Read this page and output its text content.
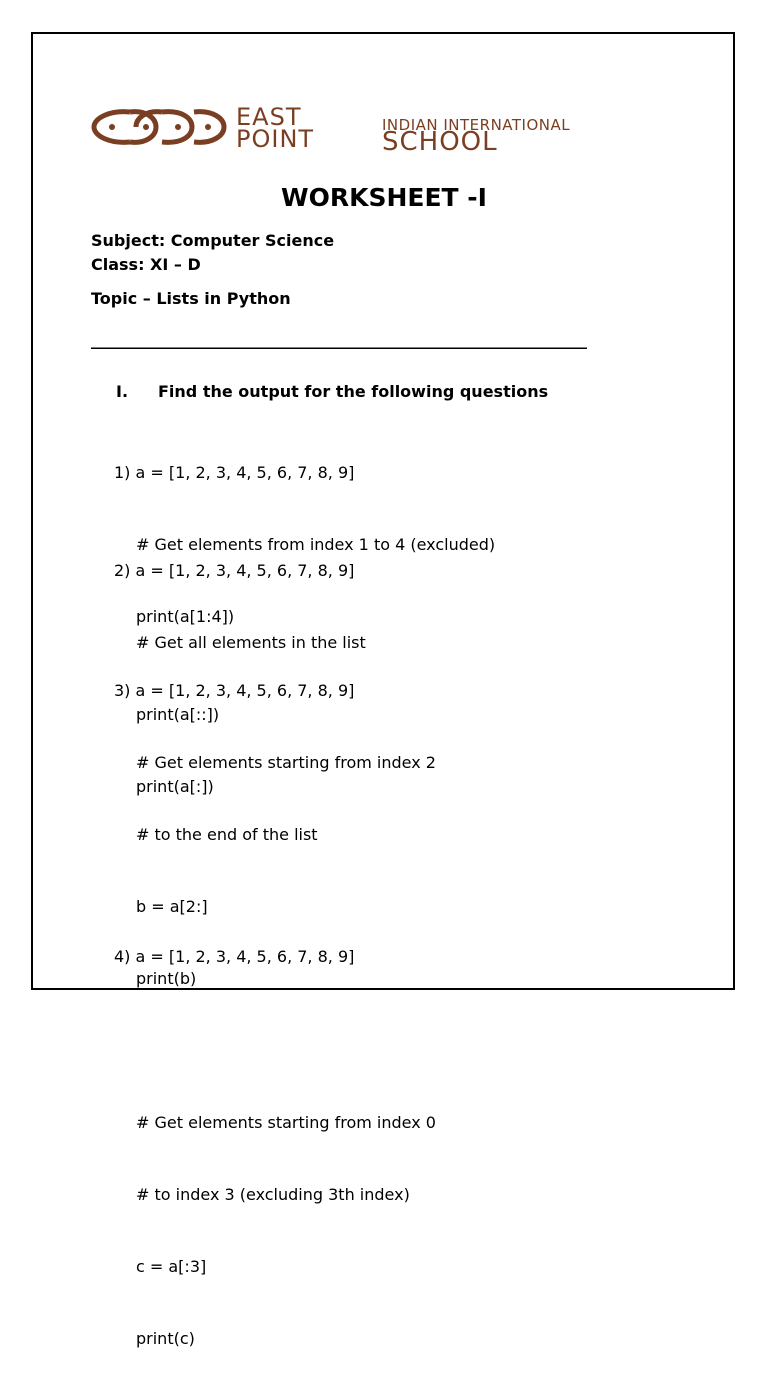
EAST
POINT	INDIAN INTERNATIONAL
SCHOOL
WORKSHEET -I
Subject: Computer Science
Class: XI – D
Topic – Lists in Python
______________________________________________________________
I. Find the output for the following questions

1) a = [1, 2, 3, 4, 5, 6, 7, 8, 9]

# Get elements from index 1 to 4 (excluded)

print(a[1:4])

2) a = [1, 2, 3, 4, 5, 6, 7, 8, 9]

# Get all elements in the list

print(a[::])

print(a[:])

3) a = [1, 2, 3, 4, 5, 6, 7, 8, 9]

# Get elements starting from index 2

# to the end of the list

b = a[2:]

print(b)

# Get elements starting from index 0

# to index 3 (excluding 3th index)

c = a[:3]

print(c)

4) a = [1, 2, 3, 4, 5, 6, 7, 8, 9]
